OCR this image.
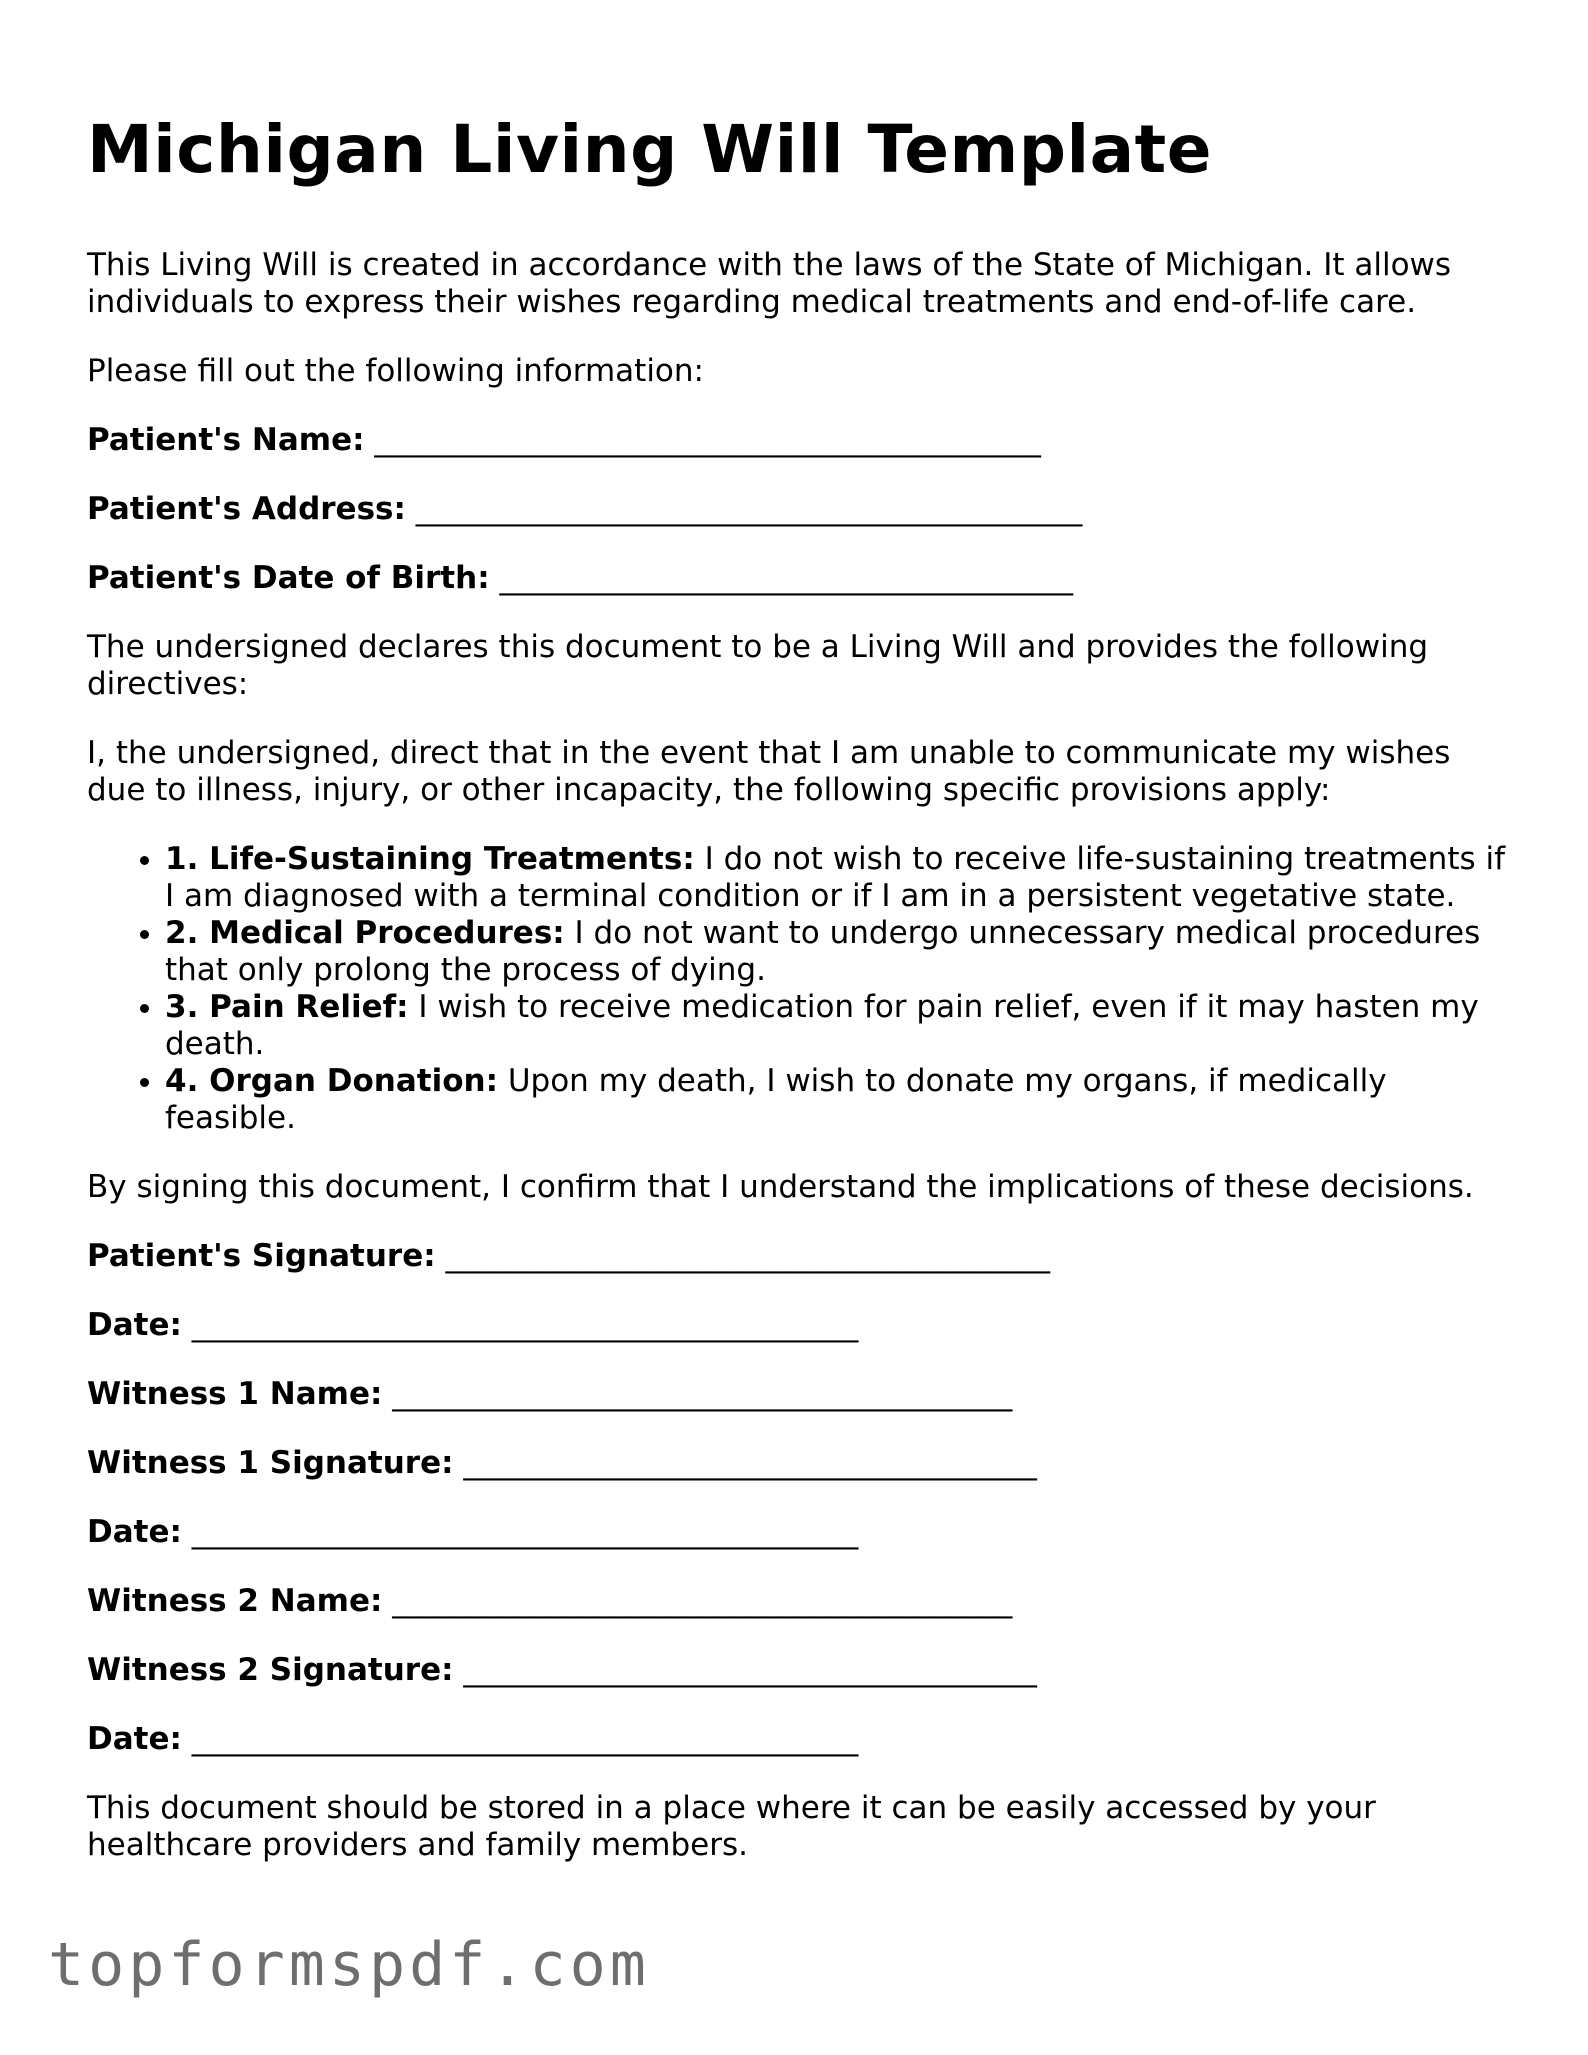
Michigan Living Will Template

This Living Will is created in accordance with the laws of the State of Michigan. It allows individuals to express their wishes regarding medical treatments and end-of-life care.

Please fill out the following information:

Patient's Name: ___________________________________________
Patient's Address: ___________________________________________
Patient's Date of Birth: _____________________________________

The undersigned declares this document to be a Living Will and provides the following directives:

I, the undersigned, direct that in the event that I am unable to communicate my wishes due to illness, injury, or other incapacity, the following specific provisions apply:

• 1. Life-Sustaining Treatments: I do not wish to receive life-sustaining treatments if I am diagnosed with a terminal condition or if I am in a persistent vegetative state.
• 2. Medical Procedures: I do not want to undergo unnecessary medical procedures that only prolong the process of dying.
• 3. Pain Relief: I wish to receive medication for pain relief, even if it may hasten my death.
• 4. Organ Donation: Upon my death, I wish to donate my organs, if medically feasible.

By signing this document, I confirm that I understand the implications of these decisions.

Patient's Signature: _______________________________________
Date: ___________________________________________
Witness 1 Name: ________________________________________
Witness 1 Signature: _____________________________________
Date: ___________________________________________
Witness 2 Name: ________________________________________
Witness 2 Signature: _____________________________________
Date: ___________________________________________

This document should be stored in a place where it can be easily accessed by your healthcare providers and family members.

topformspdf.com
